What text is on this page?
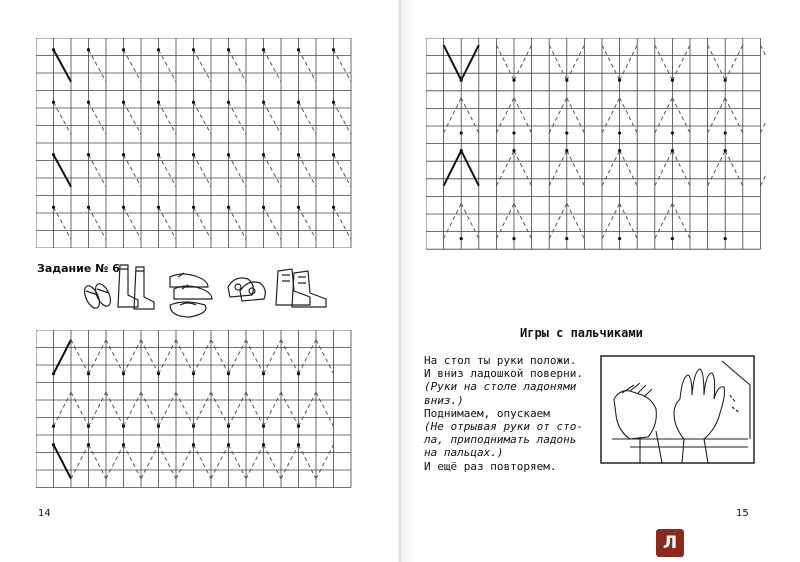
Задание № 6
14
Игры с пальчиками
На стол ты руки положи.
И вниз ладошкой поверни.
(Руки на столе ладонями
вниз.)
Поднимаем, опускаем
(Не отрывая руки от сто-
ла, приподнимать ладонь
на пальцах.)
И ещё раз повторяем.
15
Л
